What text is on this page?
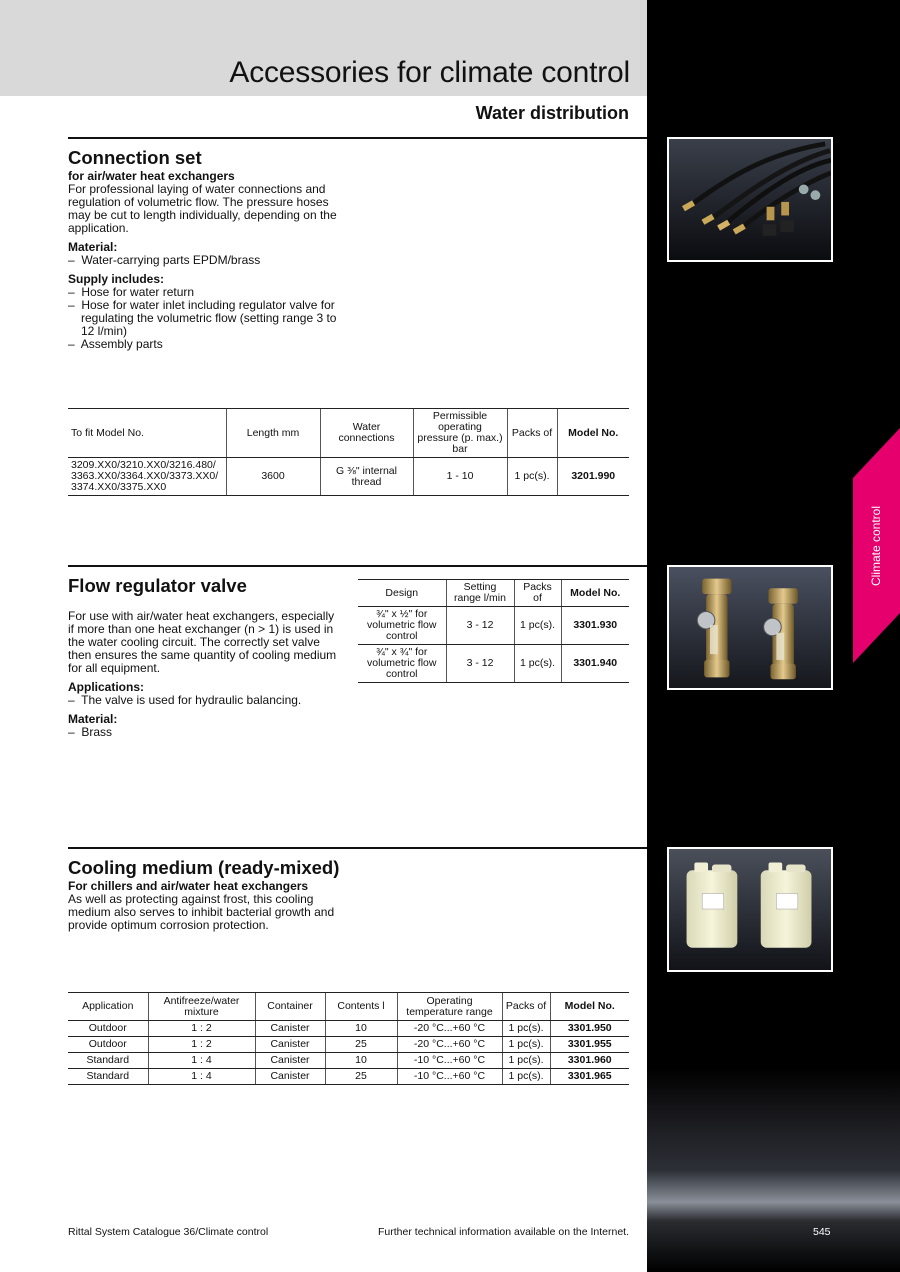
Climate control
Accessories for climate control
Water distribution
Connection set
for air/water heat exchangers

For professional laying of water connections and regulation of volumetric flow. The pressure hoses may be cut to length individually, depending on the application.

Material:
–  Water-carrying parts EPDM/brass
Supply includes:
–  Hose for water return
–  Hose for water inlet including regulator valve for regulating the volumetric flow (setting range 3 to 12 l/min)
–  Assembly parts
To fit Model No.	Length mm	Water connections	Permissible operating pressure (p. max.) bar	Packs of	Model No.
3209.XX0/3210.XX0/3216.480/ 3363.XX0/3364.XX0/3373.XX0/ 3374.XX0/3375.XX0	3600	G ⅜" internal thread	1 - 10	1 pc(s).	3201.990
Flow regulator valve

For use with air/water heat exchangers, especially if more than one heat exchanger (n > 1) is used in the water cooling circuit. The correctly set valve then ensures the same quantity of cooling medium for all equipment.

Applications:
–  The valve is used for hydraulic balancing.
Material:
–  Brass
Design	Setting range l/min	Packs of	Model No.
¾" x ½" for volumetric flow control	3 - 12	1 pc(s).	3301.930
¾" x ¾" for volumetric flow control	3 - 12	1 pc(s).	3301.940
Cooling medium (ready-mixed)
For chillers and air/water heat exchangers

As well as protecting against frost, this cooling medium also serves to inhibit bacterial growth and provide optimum corrosion protection.

Application	Antifreeze/water mixture	Container	Contents l	Operating temperature range	Packs of	Model No.
Outdoor	1 : 2	Canister	10	-20 °C...+60 °C	1 pc(s).	3301.950
Outdoor	1 : 2	Canister	25	-20 °C...+60 °C	1 pc(s).	3301.955
Standard	1 : 4	Canister	10	-10 °C...+60 °C	1 pc(s).	3301.960
Standard	1 : 4	Canister	25	-10 °C...+60 °C	1 pc(s).	3301.965
Rittal System Catalogue 36/Climate control	Further technical information available on the Internet.	545
